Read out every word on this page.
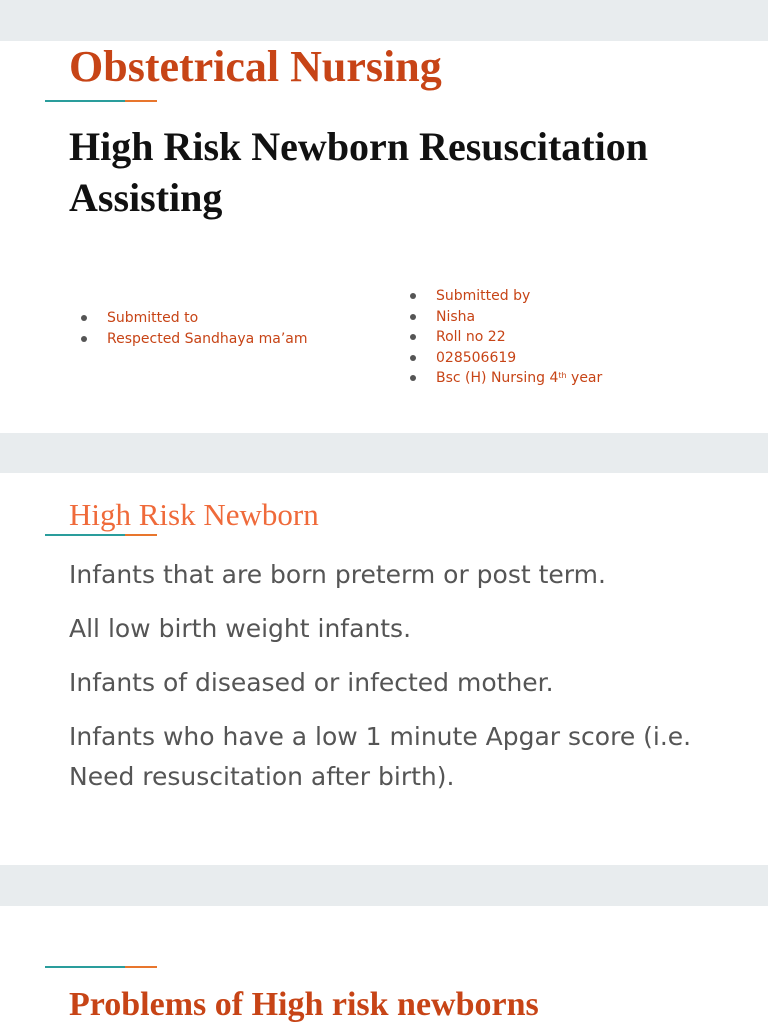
Obstetrical Nursing
High Risk Newborn Resuscitation Assisting
Submitted to
Respected Sandhaya ma’am
Submitted by
Nisha
Roll no 22
028506619
Bsc (H) Nursing 4th year
High Risk Newborn
Infants that are born preterm or post term.
All low birth weight infants.
Infants of diseased or infected mother.
Infants who have a low 1 minute Apgar score (i.e. Need resuscitation after birth).
Problems of High risk newborns
